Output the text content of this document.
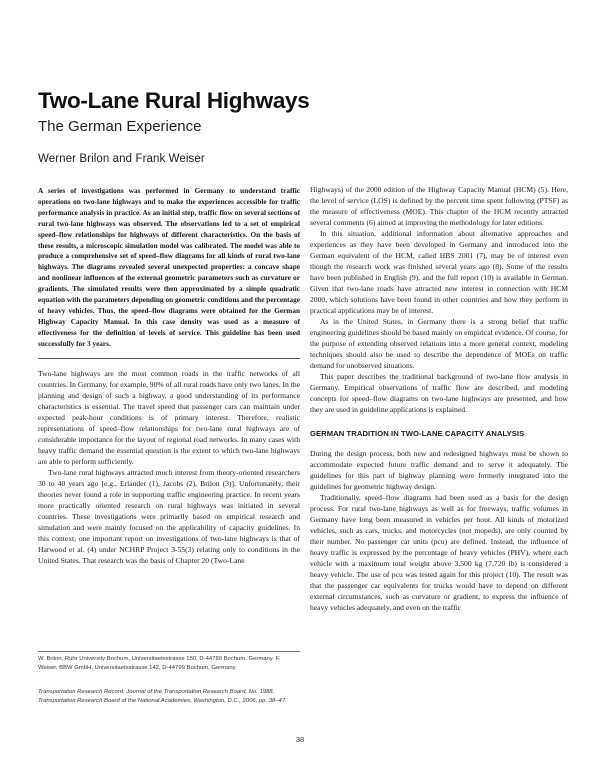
Two-Lane Rural Highways
The German Experience
Werner Brilon and Frank Weiser

A series of investigations was performed in Germany to understand traffic operations on two-lane highways and to make the experiences accessible for traffic performance analysis in practice. As an initial step, traffic flow on several sections of rural two-lane highways was observed. The observations led to a set of empirical speed–flow relationships for highways of different characteristics. On the basis of these results, a microscopic simulation model was calibrated. The model was able to produce a comprehensive set of speed–flow diagrams for all kinds of rural two-lane highways. The diagrams revealed several unexpected properties: a concave shape and nonlinear influences of the external geometric parameters such as curvature or gradients. The simulated results were then approximated by a simple quadratic equation with the parameters depending on geometric conditions and the percentage of heavy vehicles. Thus, the speed–flow diagrams were obtained for the German Highway Capacity Manual. In this case density was used as a measure of effectiveness for the definition of levels of service. This guideline has been used successfully for 3 years.

Two-lane highways are the most common roads in the traffic networks of all countries. In Germany, for example, 90% of all rural roads have only two lanes. In the planning and design of such a highway, a good understanding of its performance characteristics is essential. The travel speed that passenger cars can maintain under expected peak-hour conditions is of primary interest. Therefore, realistic representations of speed–flow relationships for two-lane rural highways are of considerable importance for the layout of regional road networks. In many cases with heavy traffic demand the essential question is the extent to which two-lane highways are able to perform sufficiently.

Two-lane rural highways attracted much interest from theory-oriented researchers 30 to 40 years ago [e.g., Erlander (1), Jacobs (2), Brilon (3)]. Unfortunately, their theories never found a role in supporting traffic engineering practice. In recent years more practically oriented research on rural highways was initiated in several countries. These investigations were primarily based on empirical research and simulation and were mainly focused on the applicability of capacity guidelines. In this context, one important report on investigations of two-lane highways is that of Harwood et al. (4) under NCHRP Project 3-55(3) relating only to conditions in the United States. That research was the basis of Chapter 20 (Two-Lane

W. Brilon, Ruhr University Bochum, Universitaetsstrasse 150, D-44780 Bochum, Germany. F. Weiser, BBW GmbH, Universitaetsstrasse 142, D-44799 Bochum, Germany.
Transportation Research Record: Journal of the Transportation Research Board, No. 1988, Transportation Research Board of the National Academies, Washington, D.C., 2006, pp. 38–47.

Highways) of the 2000 edition of the Highway Capacity Manual (HCM) (5). Here, the level of service (LOS) is defined by the percent time spent following (PTSF) as the measure of effectiveness (MOE). This chapter of the HCM recently attracted several comments (6) aimed at improving the methodology for later editions.

In this situation, additional information about alternative approaches and experiences as they have been developed in Germany and introduced into the German equivalent of the HCM, called HBS 2001 (7), may be of interest even though the research work was finished several years ago (8). Some of the results have been published in English (9), and the full report (10) is available in German. Given that two-lane roads have attracted new interest in connection with HCM 2000, which solutions have been found in other countries and how they perform in practical applications may be of interest.

As in the United States, in Germany there is a strong belief that traffic engineering guidelines should be based mainly on empirical evidence. Of course, for the purpose of extending observed relations into a more general context, modeling techniques should also be used to describe the dependence of MOEs on traffic demand for unobserved situations.

This paper describes the traditional background of two-lane flow analysis in Germany. Empirical observations of traffic flow are described, and modeling concepts for speed–flow diagrams on two-lane highways are presented, and how they are used in guideline applications is explained.

GERMAN TRADITION IN TWO-LANE CAPACITY ANALYSIS

During the design process, both new and redesigned highways must be shown to accommodate expected future traffic demand and to serve it adequately. The guidelines for this part of highway planning were formerly integrated into the guidelines for geometric highway design.

Traditionally, speed–flow diagrams had been used as a basis for the design process. For rural two-lane highways as well as for freeways, traffic volumes in Germany have long been measured in vehicles per hour. All kinds of motorized vehicles, such as cars, trucks, and motorcycles (not mopeds), are only counted by their number. No passenger car units (pcu) are defined. Instead, the influence of heavy traffic is expressed by the percentage of heavy vehicles (PHV), where each vehicle with a maximum total weight above 3,500 kg (7,720 lb) is considered a heavy vehicle. The use of pcu was tested again for this project (10). The result was that the passenger car equivalents for trucks would have to depend on different external circumstances, such as curvature or gradient, to express the influence of heavy vehicles adequately, and even on the traffic

38
